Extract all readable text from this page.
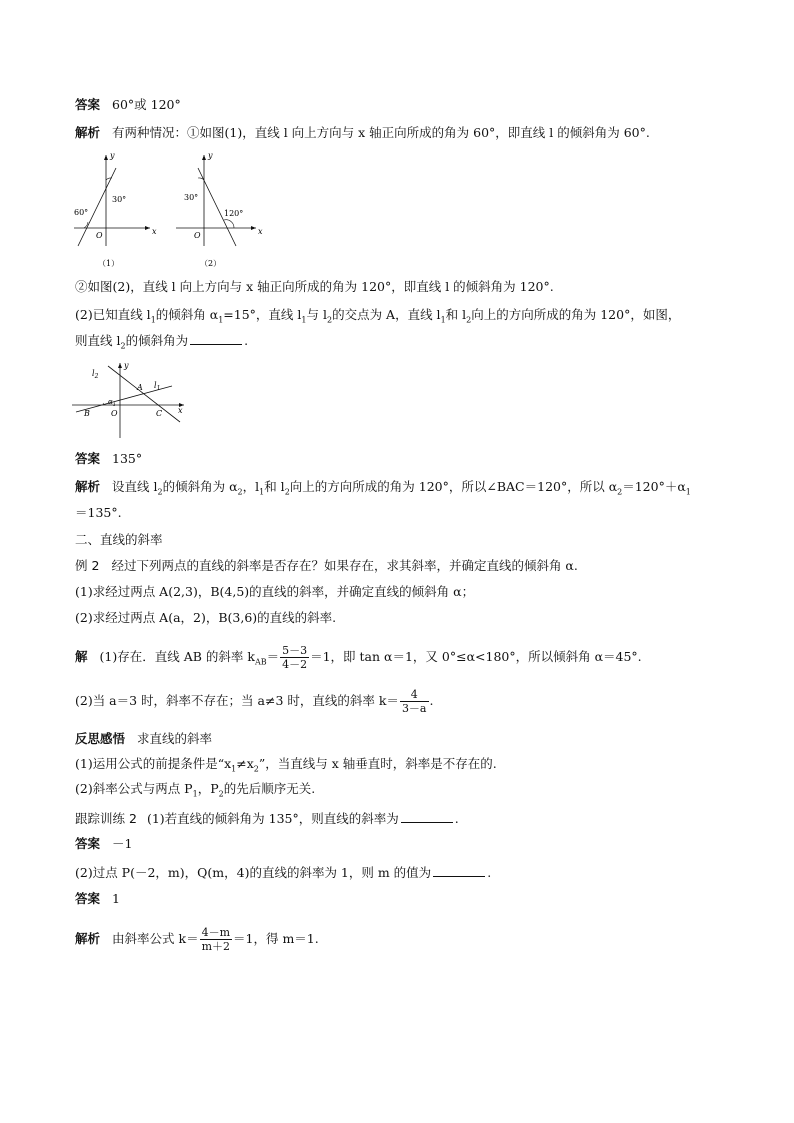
答案 60°或 120°
解析 有两种情况：①如图(1)，直线 l 向上方向与 x 轴正向所成的角为 60°，即直线 l 的倾斜角为 60°.
y
x
O
60°
30°
（1）
y
x
O
30°
120°
（2）
②如图(2)，直线 l 向上方向与 x 轴正向所成的角为 120°，即直线 l 的倾斜角为 120°.
(2)已知直线 $l_1$的倾斜角 $\alpha_1=15^\circ$，直线 $l_1$与 $l_2$的交点为 A，直线 $l_1$和 $l_2$向上的方向所成的角为 120°，如图，
则直线 $l_2$的倾斜角为	.
$l_2$
$l_1$
y
A
$\alpha_1$
B	O	C x
答案 135°
解析 设直线 $l_2$的倾斜角为 $\alpha_2$，$l_1$和 $l_2$向上的方向所成的角为 120°，所以∠BAC＝120°，所以 $\alpha_2=120^\circ+\alpha_1$
＝135°.
二、直线的斜率
例 2 经过下列两点的直线的斜率是否存在？如果存在，求其斜率，并确定直线的倾斜角 α.
(1)求经过两点 A(2,3)，B(4,5)的直线的斜率，并确定直线的倾斜角 α；
(2)求经过两点 A(a，2)，B(3,6)的直线的斜率.
解 (1)存在．直线 AB 的斜率 $k_{AB}= \frac{5-3}{4-2} =1$，即 tan α＝1，又 0°≤α<180°，所以倾斜角 α＝45°.
(2)当 a＝3 时，斜率不存在；当 a≠3 时，直线的斜率 $k= \frac{4}{3-a}$ .
反思感悟 求直线的斜率
(1)运用公式的前提条件是“$x_1\ne x_2$”，当直线与 x 轴垂直时，斜率是不存在的.
(2)斜率公式与两点 $P_1$，$P_2$的先后顺序无关.
跟踪训练 2 (1)若直线的倾斜角为 135°，则直线的斜率为	.
答案 －1
(2)过点 P(－2，m)，Q(m，4)的直线的斜率为 1，则 m 的值为	.
答案 1
解析 由斜率公式 $k= \frac{4-m}{m+2} =1$，得 m＝1.
